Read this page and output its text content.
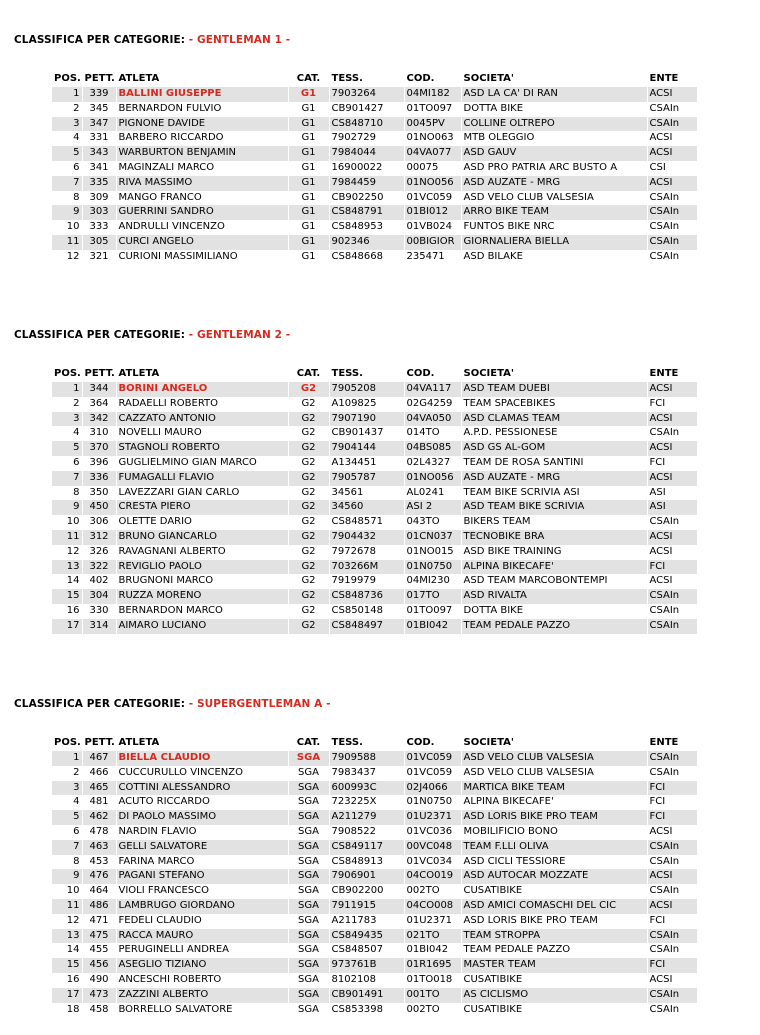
CLASSIFICA PER CATEGORIE: - GENTLEMAN 1 -
POS.	PETT.	ATLETA	CAT.	TESS.	COD.	SOCIETA'	ENTE
1	339	BALLINI GIUSEPPE	G1	7903264	04MI182	ASD LA CA' DI RAN	ACSI
2	345	BERNARDON FULVIO	G1	CB901427	01TO097	DOTTA BIKE	CSAIn
3	347	PIGNONE DAVIDE	G1	CS848710	0045PV	COLLINE OLTREPO	CSAIn
4	331	BARBERO RICCARDO	G1	7902729	01NO063	MTB OLEGGIO	ACSI
5	343	WARBURTON BENJAMIN	G1	7984044	04VA077	ASD GAUV	ACSI
6	341	MAGINZALI MARCO	G1	16900022	00075	ASD PRO PATRIA ARC BUSTO A	CSI
7	335	RIVA MASSIMO	G1	7984459	01NO056	ASD AUZATE - MRG	ACSI
8	309	MANGO FRANCO	G1	CB902250	01VC059	ASD VELO CLUB VALSESIA	CSAIn
9	303	GUERRINI SANDRO	G1	CS848791	01BI012	ARRO BIKE TEAM	CSAIn
10	333	ANDRULLI VINCENZO	G1	CS848953	01VB024	FUNTOS BIKE NRC	CSAIn
11	305	CURCI ANGELO	G1	902346	00BIGIOR	GIORNALIERA BIELLA	CSAIn
12	321	CURIONI MASSIMILIANO	G1	CS848668	235471	ASD BILAKE	CSAIn
CLASSIFICA PER CATEGORIE: - GENTLEMAN 2 -
POS.	PETT.	ATLETA	CAT.	TESS.	COD.	SOCIETA'	ENTE
1	344	BORINI ANGELO	G2	7905208	04VA117	ASD TEAM DUEBI	ACSI
2	364	RADAELLI ROBERTO	G2	A109825	02G4259	TEAM SPACEBIKES	FCI
3	342	CAZZATO ANTONIO	G2	7907190	04VA050	ASD CLAMAS TEAM	ACSI
4	310	NOVELLI MAURO	G2	CB901437	014TO	A.P.D. PESSIONESE	CSAIn
5	370	STAGNOLI ROBERTO	G2	7904144	04BS085	ASD GS AL-GOM	ACSI
6	396	GUGLIELMINO GIAN MARCO	G2	A134451	02L4327	TEAM DE ROSA SANTINI	FCI
7	336	FUMAGALLI FLAVIO	G2	7905787	01NO056	ASD AUZATE - MRG	ACSI
8	350	LAVEZZARI GIAN CARLO	G2	34561	AL0241	TEAM BIKE SCRIVIA ASI	ASI
9	450	CRESTA PIERO	G2	34560	ASI 2	ASD TEAM BIKE SCRIVIA	ASI
10	306	OLETTE DARIO	G2	CS848571	043TO	BIKERS TEAM	CSAIn
11	312	BRUNO GIANCARLO	G2	7904432	01CN037	TECNOBIKE BRA	ACSI
12	326	RAVAGNANI ALBERTO	G2	7972678	01NO015	ASD BIKE TRAINING	ACSI
13	322	REVIGLIO PAOLO	G2	703266M	01N0750	ALPINA BIKECAFE'	FCI
14	402	BRUGNONI MARCO	G2	7919979	04MI230	ASD TEAM MARCOBONTEMPI	ACSI
15	304	RUZZA MORENO	G2	CS848736	017TO	ASD RIVALTA	CSAIn
16	330	BERNARDON MARCO	G2	CS850148	01TO097	DOTTA BIKE	CSAIn
17	314	AIMARO LUCIANO	G2	CS848497	01BI042	TEAM PEDALE PAZZO	CSAIn
CLASSIFICA PER CATEGORIE: - SUPERGENTLEMAN A -
POS.	PETT.	ATLETA	CAT.	TESS.	COD.	SOCIETA'	ENTE
1	467	BIELLA CLAUDIO	SGA	7909588	01VC059	ASD VELO CLUB VALSESIA	CSAIn
2	466	CUCCURULLO VINCENZO	SGA	7983437	01VC059	ASD VELO CLUB VALSESIA	CSAIn
3	465	COTTINI ALESSANDRO	SGA	600993C	02J4066	MARTICA BIKE TEAM	FCI
4	481	ACUTO RICCARDO	SGA	723225X	01N0750	ALPINA BIKECAFE'	FCI
5	462	DI PAOLO MASSIMO	SGA	A211279	01U2371	ASD LORIS BIKE PRO TEAM	FCI
6	478	NARDIN FLAVIO	SGA	7908522	01VC036	MOBILIFICIO BONO	ACSI
7	463	GELLI SALVATORE	SGA	CS849117	00VC048	TEAM F.LLI OLIVA	CSAIn
8	453	FARINA MARCO	SGA	CS848913	01VC034	ASD CICLI TESSIORE	CSAIn
9	476	PAGANI STEFANO	SGA	7906901	04CO019	ASD AUTOCAR MOZZATE	ACSI
10	464	VIOLI FRANCESCO	SGA	CB902200	002TO	CUSATIBIKE	CSAIn
11	486	LAMBRUGO GIORDANO	SGA	7911915	04CO008	ASD AMICI COMASCHI DEL CIC	ACSI
12	471	FEDELI CLAUDIO	SGA	A211783	01U2371	ASD LORIS BIKE PRO TEAM	FCI
13	475	RACCA MAURO	SGA	CS849435	021TO	TEAM STROPPA	CSAIn
14	455	PERUGINELLI ANDREA	SGA	CS848507	01BI042	TEAM PEDALE PAZZO	CSAIn
15	456	ASEGLIO TIZIANO	SGA	973761B	01R1695	MASTER TEAM	FCI
16	490	ANCESCHI ROBERTO	SGA	8102108	01TO018	CUSATIBIKE	ACSI
17	473	ZAZZINI ALBERTO	SGA	CB901491	001TO	AS CICLISMO	CSAIn
18	458	BORRELLO SALVATORE	SGA	CS853398	002TO	CUSATIBIKE	CSAIn
